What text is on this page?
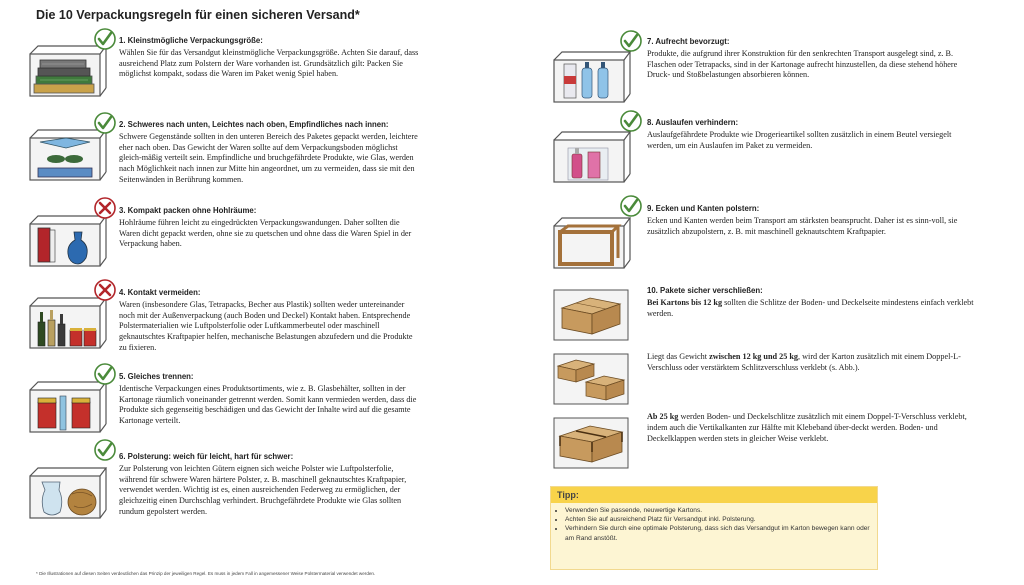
Die 10 Verpackungsregeln für einen sicheren Versand*
1. Kleinstmögliche Verpackungsgröße:
Wählen Sie für das Versandgut kleinstmögliche Verpackungsgröße. Achten Sie darauf, dass ausreichend Platz zum Polstern der Ware vorhanden ist. Grundsätzlich gilt: Packen Sie möglichst kompakt, sodass die Waren im Paket wenig Spiel haben.
2. Schweres nach unten, Leichtes nach oben, Empfindliches nach innen:
Schwere Gegenstände sollten in den unteren Bereich des Paketes gepackt werden, leichtere eher nach oben. Das Gewicht der Waren sollte auf dem Verpackungsboden möglichst gleich-mäßig verteilt sein. Empfindliche und bruchgefährdete Produkte, wie Glas, werden nach Möglichkeit nach innen zur Mitte hin angeordnet, um zu vermeiden, dass sie mit den Seitenwänden in Berührung kommen.
3. Kompakt packen ohne Hohlräume:
Hohlräume führen leicht zu eingedrückten Verpackungswandungen. Daher sollten die Waren dicht gepackt werden, ohne sie zu quetschen und ohne dass die Waren Spiel in der Verpackung haben.
4. Kontakt vermeiden:
Waren (insbesondere Glas, Tetrapacks, Becher aus Plastik) sollten weder untereinander noch mit der Außenverpackung (auch Boden und Deckel) Kontakt haben. Entsprechende Polstermaterialien wie Luftpolsterfolie oder Luftkammerbeutel oder maschinell geknautschtes Kraftpapier helfen, mechanische Belastungen abzufedern und die Produkte zu fixieren.
5. Gleiches trennen:
Identische Verpackungen eines Produktsortiments, wie z. B. Glasbehälter, sollten in der Kartonage räumlich voneinander getrennt werden. Somit kann vermieden werden, dass die Produkte sich gegenseitig beschädigen und das Gewicht der Inhalte wird auf die gesamte Kartonage verteilt.
6. Polsterung: weich für leicht, hart für schwer:
Zur Polsterung von leichten Gütern eignen sich weiche Polster wie Luftpolsterfolie, während für schwere Waren härtere Polster, z. B. maschinell geknautschtes Kraftpapier, verwendet werden. Wichtig ist es, einen ausreichenden Federweg zu ermöglichen, der gleichzeitig einen Durchschlag verhindert. Bruchgefährdete Produkte wie Glas sollten rundum gepolstert werden.
7. Aufrecht bevorzugt:
Produkte, die aufgrund ihrer Konstruktion für den senkrechten Transport ausgelegt sind, z. B. Flaschen oder Tetrapacks, sind in der Kartonage aufrecht hinzustellen, da diese stehend höhere Druck- und Stoßbelastungen absorbieren können.
8. Auslaufen verhindern:
Auslaufgefährdete Produkte wie Drogerieartikel sollten zusätzlich in einem Beutel versiegelt werden, um ein Auslaufen im Paket zu vermeiden.
9. Ecken und Kanten polstern:
Ecken und Kanten werden beim Transport am stärksten beansprucht. Daher ist es sinn-voll, sie zusätzlich abzupolstern, z. B. mit maschinell geknautschtem Kraftpapier.
10. Pakete sicher verschließen:
Bei Kartons bis 12 kg sollten die Schlitze der Boden- und Deckelseite mindestens einfach verklebt werden.
Liegt das Gewicht zwischen 12 kg und 25 kg, wird der Karton zusätzlich mit einem Doppel-L-Verschluss oder verstärktem Schlitzverschluss verklebt (s. Abb.).
Ab 25 kg werden Boden- und Deckelschlitze zusätzlich mit einem Doppel-T-Verschluss verklebt, indem auch die Vertikalkanten zur Hälfte mit Klebeband über-deckt werden. Boden- und Deckelklappen werden stets in gleicher Weise verklebt.
Tipp:
• Verwenden Sie passende, neuwertige Kartons.
• Achten Sie auf ausreichend Platz für Versandgut inkl. Polsterung.
• Verhindern Sie durch eine optimale Polsterung, dass sich das Versandgut im Karton bewegen kann oder am Rand anstößt.
* Die Illustrationen auf diesen Seiten verdeutlichen das Prinzip der jeweiligen Regel. Es muss in jedem Fall in angemessener Weise Polstermaterial verwendet werden.
